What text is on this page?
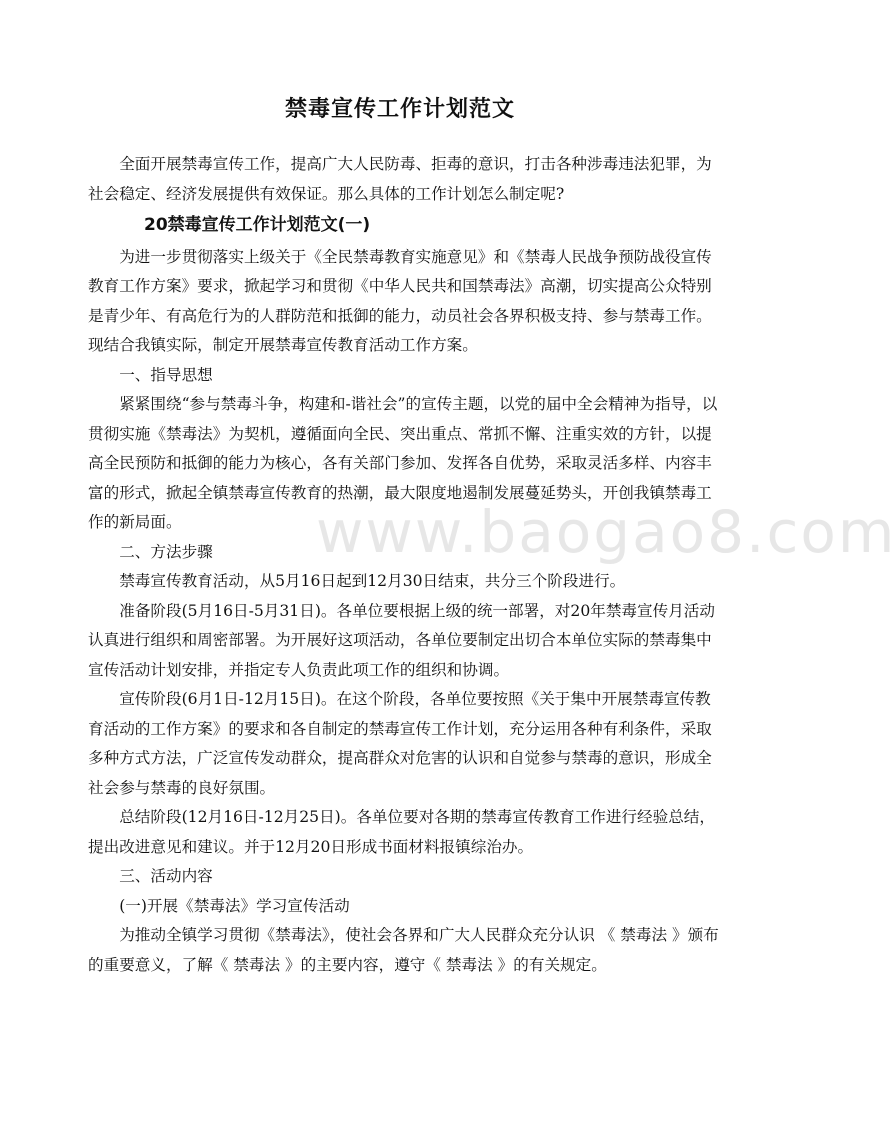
禁毒宣传工作计划范文

全面开展禁毒宣传工作，提高广大人民防毒、拒毒的意识，打击各种涉毒违法犯罪，为社会稳定、经济发展提供有效保证。那么具体的工作计划怎么制定呢?

20禁毒宣传工作计划范文(一)

为进一步贯彻落实上级关于《全民禁毒教育实施意见》和《禁毒人民战争预防战役宣传教育工作方案》要求，掀起学习和贯彻《中华人民共和国禁毒法》高潮，切实提高公众特别是青少年、有高危行为的人群防范和抵御的能力，动员社会各界积极支持、参与禁毒工作。现结合我镇实际，制定开展禁毒宣传教育活动工作方案。

一、指导思想

紧紧围绕“参与禁毒斗争，构建和-谐社会”的宣传主题，以党的届中全会精神为指导，以贯彻实施《禁毒法》为契机，遵循面向全民、突出重点、常抓不懈、注重实效的方针，以提高全民预防和抵御的能力为核心，各有关部门参加、发挥各自优势，采取灵活多样、内容丰富的形式，掀起全镇禁毒宣传教育的热潮，最大限度地遏制发展蔓延势头，开创我镇禁毒工作的新局面。

二、方法步骤

禁毒宣传教育活动，从5月16日起到12月30日结束，共分三个阶段进行。

准备阶段(5月16日-5月31日)。各单位要根据上级的统一部署，对20年禁毒宣传月活动认真进行组织和周密部署。为开展好这项活动，各单位要制定出切合本单位实际的禁毒集中宣传活动计划安排，并指定专人负责此项工作的组织和协调。

宣传阶段(6月1日-12月15日)。在这个阶段，各单位要按照《关于集中开展禁毒宣传教育活动的工作方案》的要求和各自制定的禁毒宣传工作计划，充分运用各种有利条件，采取多种方式方法，广泛宣传发动群众，提高群众对危害的认识和自觉参与禁毒的意识，形成全社会参与禁毒的良好氛围。

总结阶段(12月16日-12月25日)。各单位要对各期的禁毒宣传教育工作进行经验总结，提出改进意见和建议。并于12月20日形成书面材料报镇综治办。

三、活动内容

(一)开展《禁毒法》学习宣传活动

为推动全镇学习贯彻《禁毒法》，使社会各界和广大人民群众充分认识 《 禁毒法 》颁布 的重要意义，了解《 禁毒法 》的主要内容，遵守《 禁毒法 》的有关规定。

www.baogao8.com
